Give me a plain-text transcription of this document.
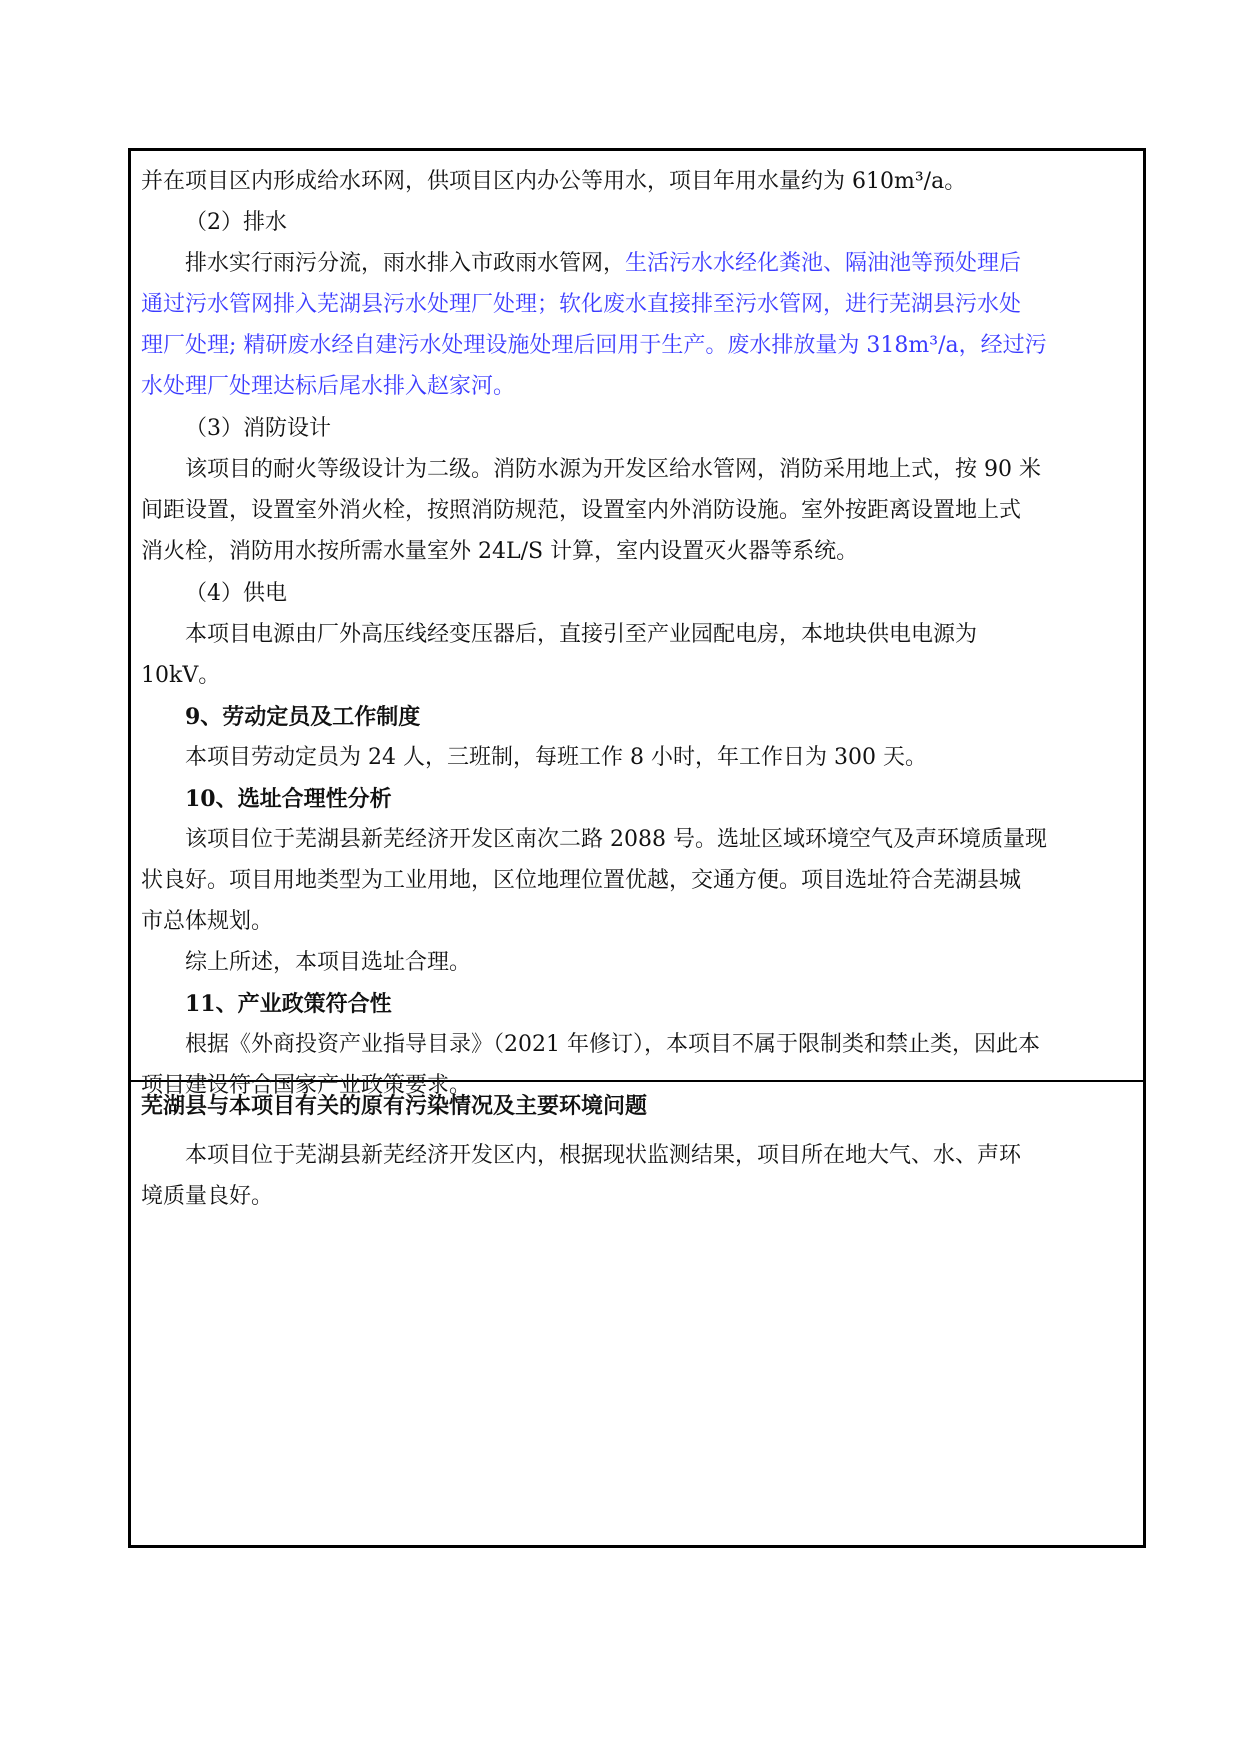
并在项目区内形成给水环网，供项目区内办公等用水，项目年用水量约为 610m³/a。
（2）排水
排水实行雨污分流，雨水排入市政雨水管网，生活污水水经化粪池、隔油池等预处理后
通过污水管网排入芜湖县污水处理厂处理；软化废水直接排至污水管网，进行芜湖县污水处
理厂处理; 精研废水经自建污水处理设施处理后回用于生产。废水排放量为 318m³/a，经过污
水处理厂处理达标后尾水排入赵家河。
（3）消防设计
该项目的耐火等级设计为二级。消防水源为开发区给水管网，消防采用地上式，按 90 米
间距设置，设置室外消火栓，按照消防规范，设置室内外消防设施。室外按距离设置地上式
消火栓，消防用水按所需水量室外 24L/S 计算，室内设置灭火器等系统。
（4）供电
本项目电源由厂外高压线经变压器后，直接引至产业园配电房，本地块供电电源为
10kV。
9、劳动定员及工作制度
本项目劳动定员为 24 人，三班制，每班工作 8 小时，年工作日为 300 天。
10、选址合理性分析
该项目位于芜湖县新芜经济开发区南次二路 2088 号。选址区域环境空气及声环境质量现
状良好。项目用地类型为工业用地，区位地理位置优越，交通方便。项目选址符合芜湖县城
市总体规划。
综上所述，本项目选址合理。
11、产业政策符合性
根据《外商投资产业指导目录》（2021 年修订），本项目不属于限制类和禁止类，因此本
项目建设符合国家产业政策要求。
芜湖县与本项目有关的原有污染情况及主要环境问题
本项目位于芜湖县新芜经济开发区内，根据现状监测结果，项目所在地大气、水、声环
境质量良好。
